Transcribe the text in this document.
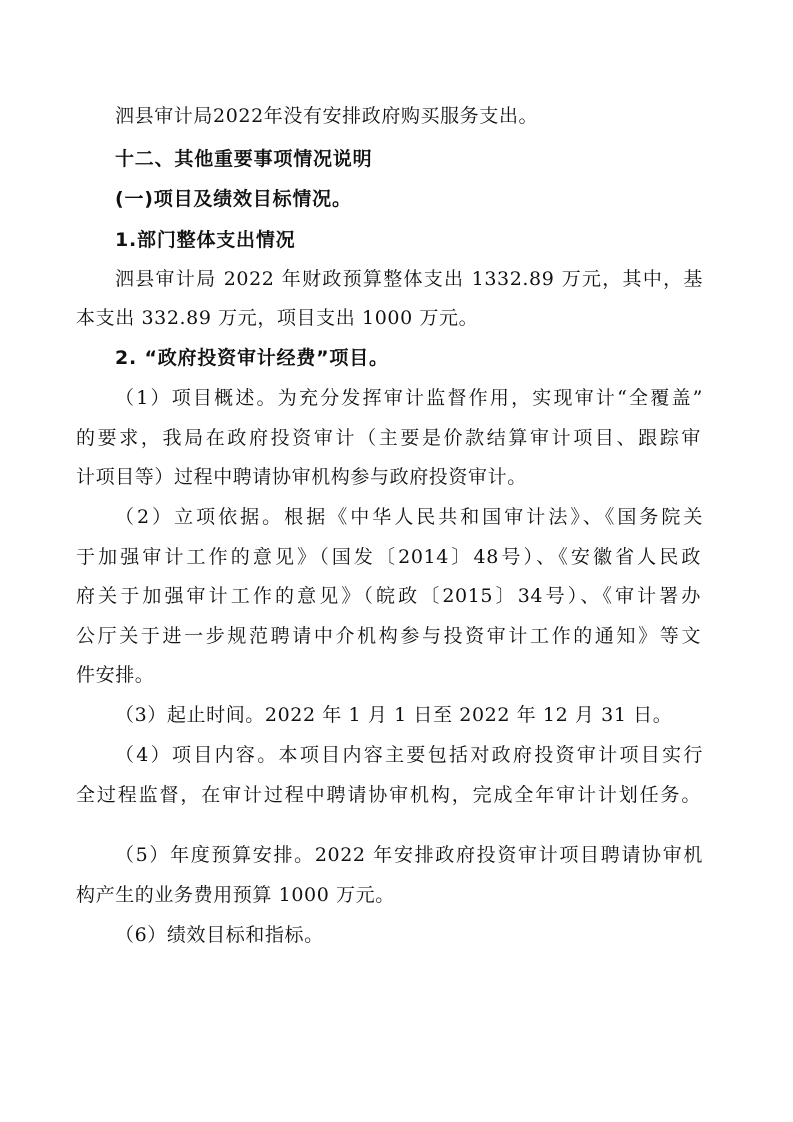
泗县审计局2022年没有安排政府购买服务支出。
十二、其他重要事项情况说明
(一)项目及绩效目标情况。
1.部门整体支出情况
泗县审计局 2022 年财政预算整体支出 1332.89 万元，其中，基
本支出 332.89 万元，项目支出 1000 万元。
2. “政府投资审计经费”项目。
（1）项目概述。为充分发挥审计监督作用，实现审计“全覆盖”
的要求，我局在政府投资审计（主要是价款结算审计项目、跟踪审
计项目等）过程中聘请协审机构参与政府投资审计。
（2）立项依据。根据《中华人民共和国审计法》、《国务院关
于加强审计工作的意见》（国发〔2014〕48号）、《安徽省人民政
府关于加强审计工作的意见》（皖政〔2015〕34号）、《审计署办
公厅关于进一步规范聘请中介机构参与投资审计工作的通知》等文
件安排。
（3）起止时间。2022 年 1 月 1 日至 2022 年 12 月 31 日。
（4）项目内容。本项目内容主要包括对政府投资审计项目实行
全过程监督，在审计过程中聘请协审机构，完成全年审计计划任务。
（5）年度预算安排。2022 年安排政府投资审计项目聘请协审机
构产生的业务费用预算 1000 万元。
（6）绩效目标和指标。
